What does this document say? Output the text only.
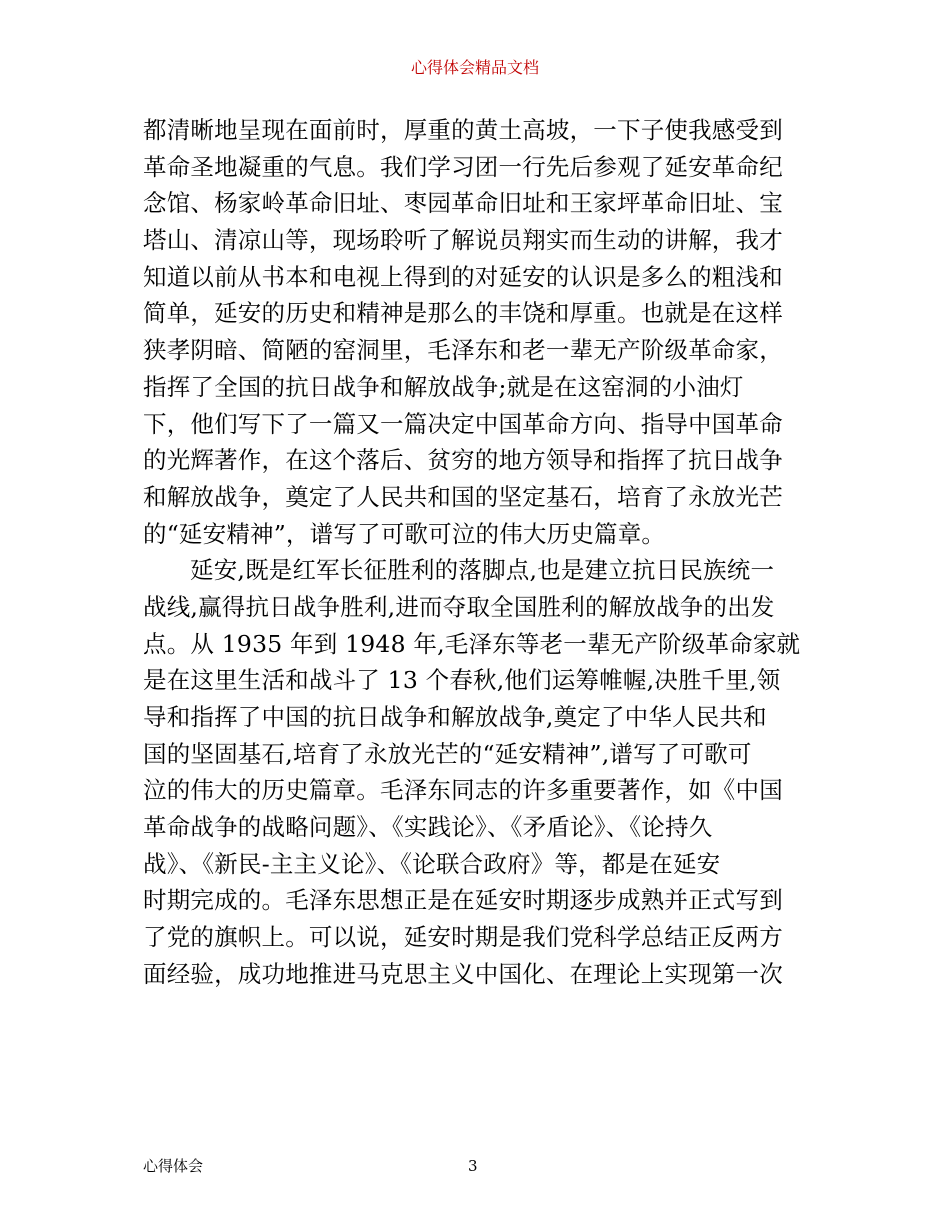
心得体会精品文档
都清晰地呈现在面前时，厚重的黄土高坡，一下子使我感受到
革命圣地凝重的气息。我们学习团一行先后参观了延安革命纪
念馆、杨家岭革命旧址、枣园革命旧址和王家坪革命旧址、宝
塔山、清凉山等，现场聆听了解说员翔实而生动的讲解，我才
知道以前从书本和电视上得到的对延安的认识是多么的粗浅和
简单，延安的历史和精神是那么的丰饶和厚重。也就是在这样
狭孝阴暗、简陋的窑洞里，毛泽东和老一辈无产阶级革命家，
指挥了全国的抗日战争和解放战争;就是在这窑洞的小油灯
下，他们写下了一篇又一篇决定中国革命方向、指导中国革命
的光辉著作，在这个落后、贫穷的地方领导和指挥了抗日战争
和解放战争，奠定了人民共和国的坚定基石，培育了永放光芒
的“延安精神”，谱写了可歌可泣的伟大历史篇章。
延安,既是红军长征胜利的落脚点,也是建立抗日民族统一
战线,赢得抗日战争胜利,进而夺取全国胜利的解放战争的出发
点。从 1935 年到 1948 年,毛泽东等老一辈无产阶级革命家就
是在这里生活和战斗了 13 个春秋,他们运筹帷幄,决胜千里,领
导和指挥了中国的抗日战争和解放战争,奠定了中华人民共和
国的坚固基石,培育了永放光芒的“延安精神”,谱写了可歌可
泣的伟大的历史篇章。毛泽东同志的许多重要著作，如《中国
革命战争的战略问题》、《实践论》、《矛盾论》、《论持久
战》、《新民-主主义论》、《论联合政府》等，都是在延安
时期完成的。毛泽东思想正是在延安时期逐步成熟并正式写到
了党的旗帜上。可以说，延安时期是我们党科学总结正反两方
面经验，成功地推进马克思主义中国化、在理论上实现第一次
心得体会	3
